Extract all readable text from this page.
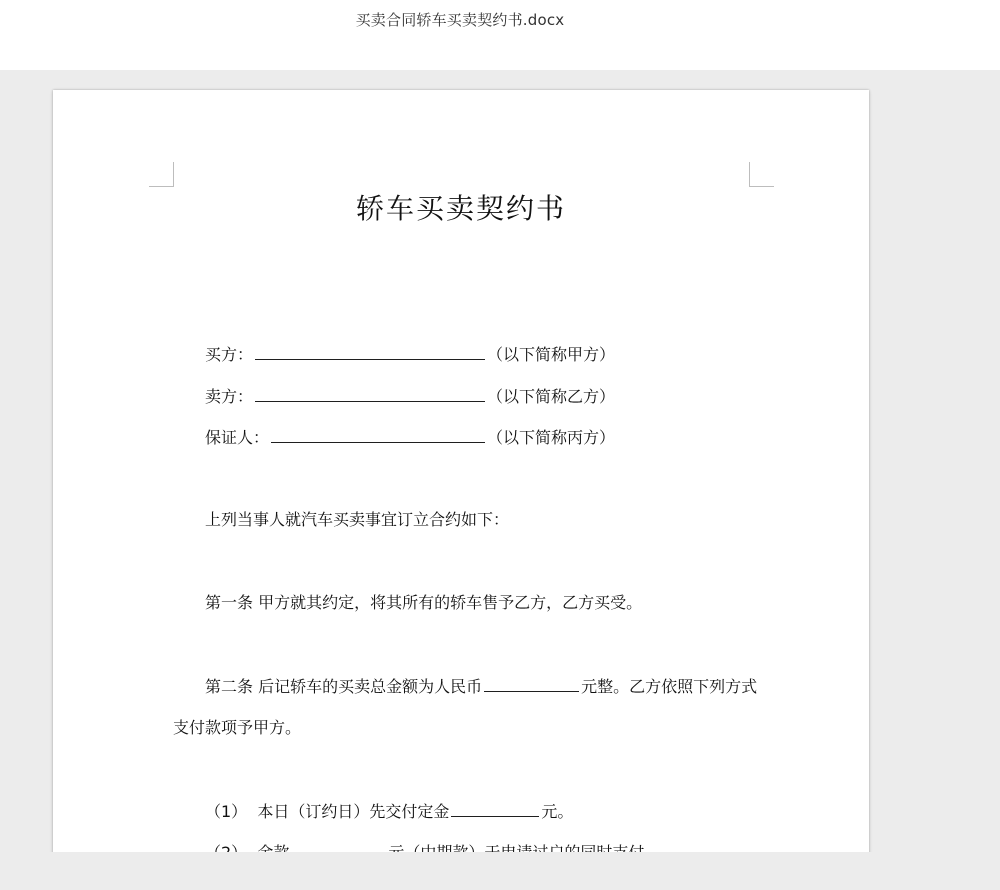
买卖合同轿车买卖契约书.docx
轿车买卖契约书
买方：	（以下简称甲方）
卖方：	（以下简称乙方）
保证人：	（以下简称丙方）
上列当事人就汽车买卖事宜订立合约如下：
第一条 甲方就其约定，将其所有的轿车售予乙方，乙方买受。
第二条 后记轿车的买卖总金额为人民币	元整。乙方依照下列方式
支付款项予甲方。
（1） 本日（订约日）先交付定金	元。
